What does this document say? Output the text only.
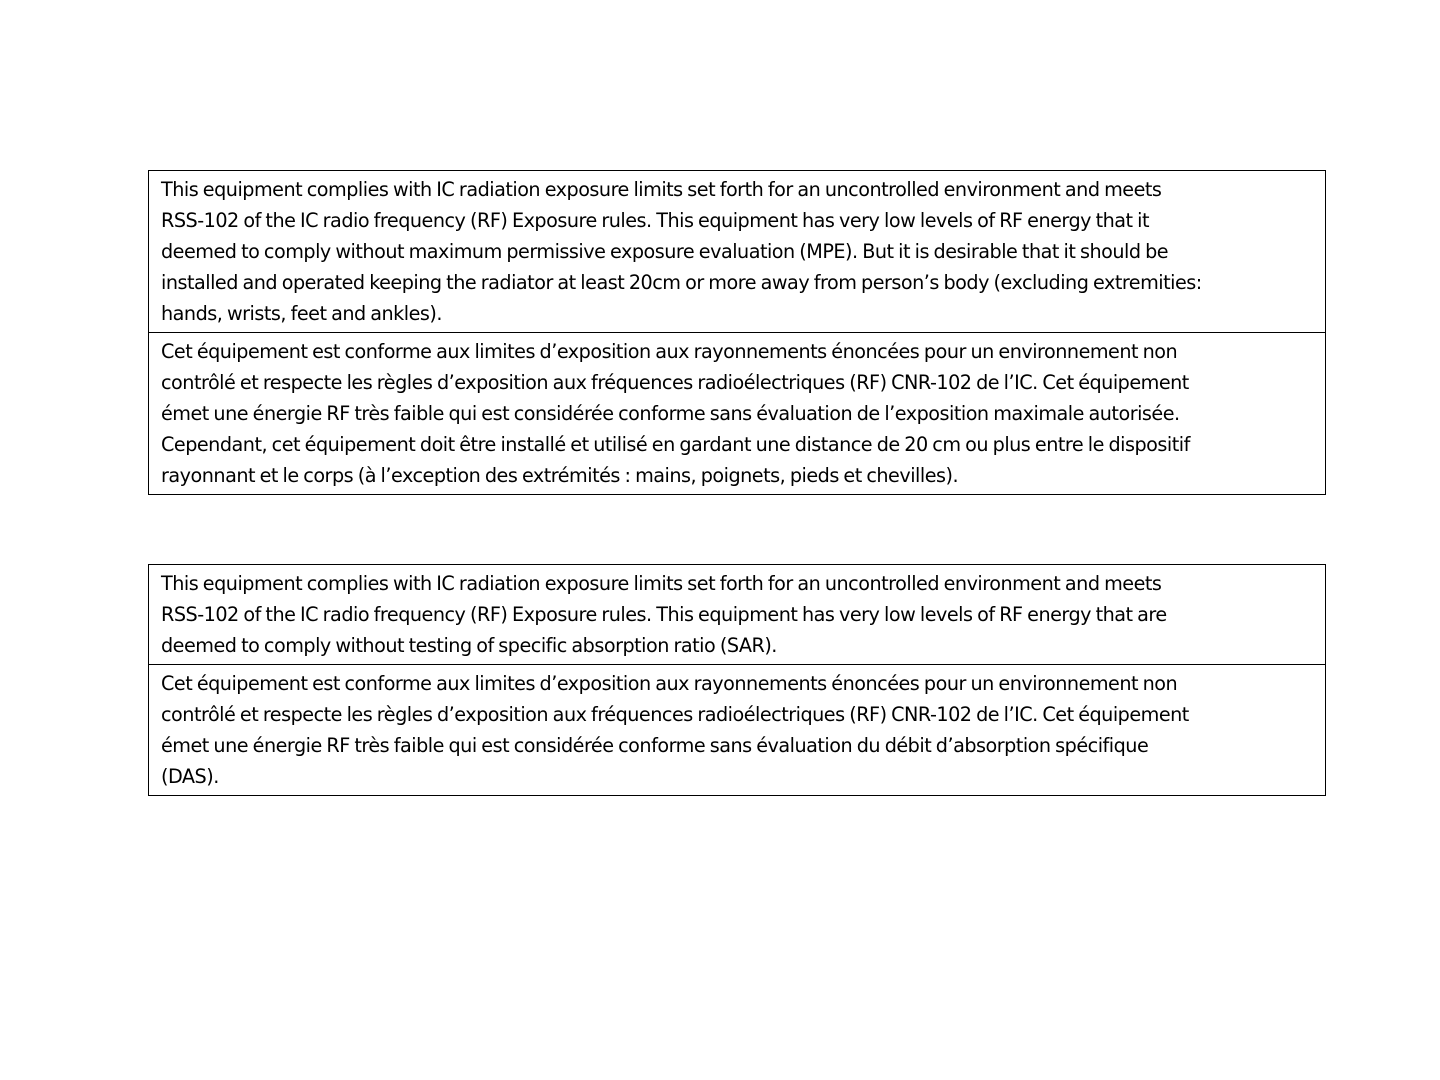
This equipment complies with IC radiation exposure limits set forth for an uncontrolled environment and meets
RSS-102 of the IC radio frequency (RF) Exposure rules. This equipment has very low levels of RF energy that it
deemed to comply without maximum permissive exposure evaluation (MPE). But it is desirable that it should be
installed and operated keeping the radiator at least 20cm or more away from person’s body (excluding extremities:
hands, wrists, feet and ankles).
Cet équipement est conforme aux limites d’exposition aux rayonnements énoncées pour un environnement non
contrôlé et respecte les règles d’exposition aux fréquences radioélectriques (RF) CNR-102 de l’IC. Cet équipement
émet une énergie RF très faible qui est considérée conforme sans évaluation de l’exposition maximale autorisée.
Cependant, cet équipement doit être installé et utilisé en gardant une distance de 20 cm ou plus entre le dispositif
rayonnant et le corps (à l’exception des extrémités : mains, poignets, pieds et chevilles).
This equipment complies with IC radiation exposure limits set forth for an uncontrolled environment and meets
RSS-102 of the IC radio frequency (RF) Exposure rules. This equipment has very low levels of RF energy that are
deemed to comply without testing of specific absorption ratio (SAR).
Cet équipement est conforme aux limites d’exposition aux rayonnements énoncées pour un environnement non
contrôlé et respecte les règles d’exposition aux fréquences radioélectriques (RF) CNR-102 de l’IC. Cet équipement
émet une énergie RF très faible qui est considérée conforme sans évaluation du débit d’absorption spécifique
(DAS).
